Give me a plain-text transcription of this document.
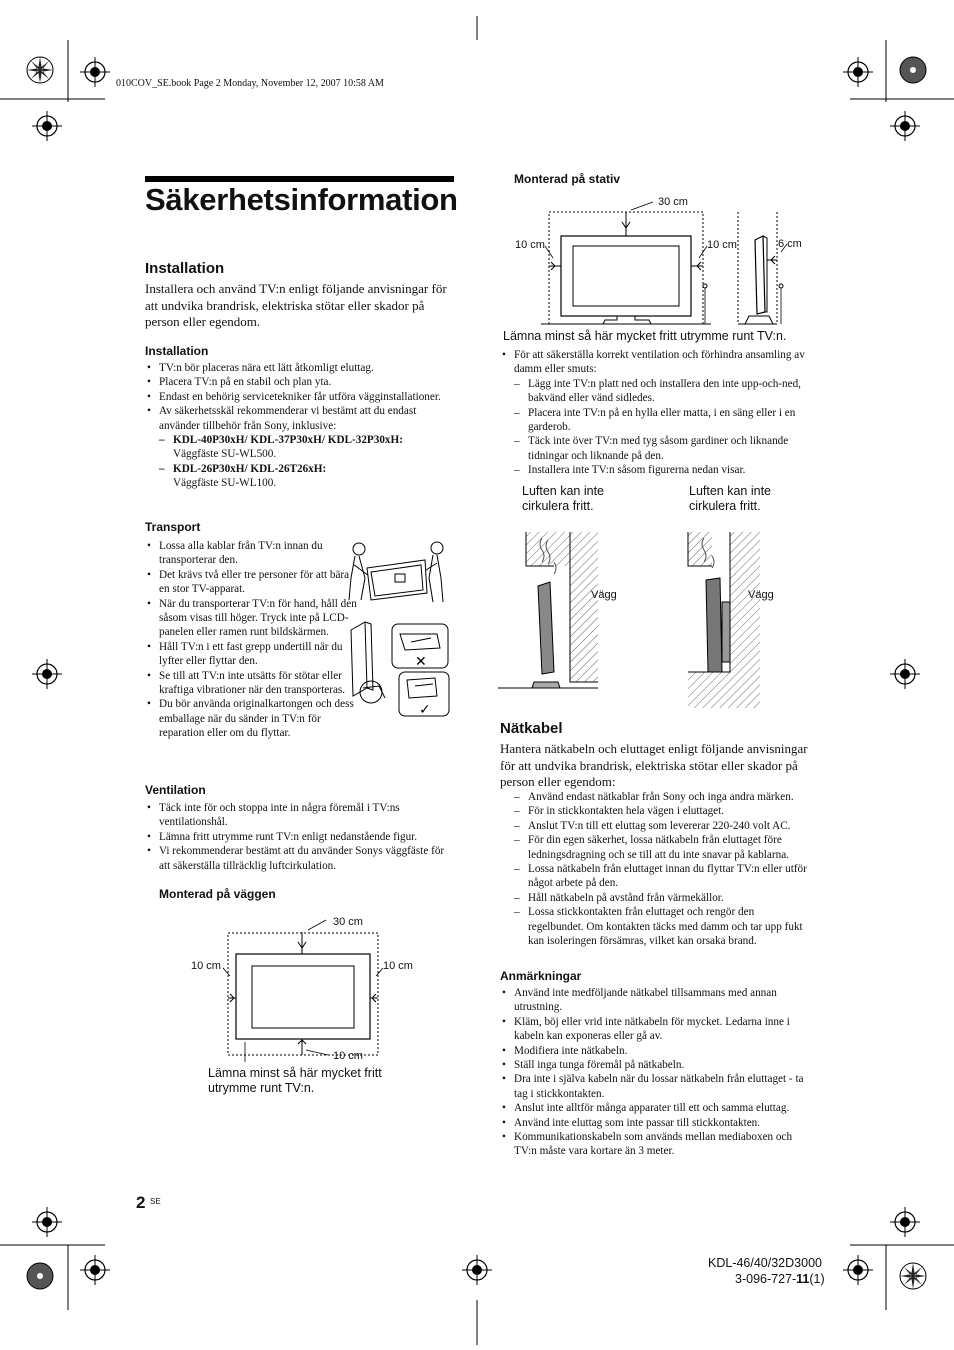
010COV_SE.book Page 2 Monday, November 12, 2007 10:58 AM
Säkerhetsinformation
Installation
Installera och använd TV:n enligt följande anvisningar för att undvika brandrisk, elektriska stötar eller skador på person eller egendom.
Installation
• TV:n bör placeras nära ett lätt åtkomligt eluttag.
• Placera TV:n på en stabil och plan yta.
• Endast en behörig servicetekniker får utföra vägginstallationer.
• Av säkerhetsskäl rekommenderar vi bestämt att du endast använder tillbehör från Sony, inklusive:
– KDL-40P30xH/ KDL-37P30xH/ KDL-32P30xH:
Väggfäste SU-WL500.
– KDL-26P30xH/ KDL-26T26xH:
Väggfäste SU-WL100.
Transport
• Lossa alla kablar från TV:n innan du transporterar den.
• Det krävs två eller tre personer för att bära en stor TV-apparat.
• När du transporterar TV:n för hand, håll den såsom visas till höger. Tryck inte på LCD-panelen eller ramen runt bildskärmen.
• Håll TV:n i ett fast grepp undertill när du lyfter eller flyttar den.
• Se till att TV:n inte utsätts för stötar eller kraftiga vibrationer när den transporteras.
• Du bör använda originalkartongen och dess emballage när du sänder in TV:n för reparation eller om du flyttar.
✕
✓
Ventilation
• Täck inte för och stoppa inte in några föremål i TV:ns ventilationshål.
• Lämna fritt utrymme runt TV:n enligt nedanstående figur.
• Vi rekommenderar bestämt att du använder Sonys väggfäste för att säkerställa tillräcklig luftcirkulation.
Monterad på väggen
30 cm
10 cm	10 cm
10 cm
Lämna minst så här mycket fritt utrymme runt TV:n.
Monterad på stativ
30 cm
10 cm	10 cm	6 cm
Lämna minst så här mycket fritt utrymme runt TV:n.
• För att säkerställa korrekt ventilation och förhindra ansamling av damm eller smuts:
– Lägg inte TV:n platt ned och installera den inte upp-och-ned, bakvänd eller vänd sidledes.
– Placera inte TV:n på en hylla eller matta, i en säng eller i en garderob.
– Täck inte över TV:n med tyg såsom gardiner och liknande tidningar och liknande på den.
– Installera inte TV:n såsom figurerna nedan visar.
Luften kan inte cirkulera fritt.
Luften kan inte cirkulera fritt.
Vägg	Vägg
Nätkabel
Hantera nätkabeln och eluttaget enligt följande anvisningar för att undvika brandrisk, elektriska stötar eller skador på person eller egendom:
– Använd endast nätkablar från Sony och inga andra märken.
– För in stickkontakten hela vägen i eluttaget.
– Anslut TV:n till ett eluttag som levererar 220-240 volt AC.
– För din egen säkerhet, lossa nätkabeln från eluttaget före ledningsdragning och se till att du inte snavar på kablarna.
– Lossa nätkabeln från eluttaget innan du flyttar TV:n eller utför något arbete på den.
– Håll nätkabeln på avstånd från värmekällor.
– Lossa stickkontakten från eluttaget och rengör den regelbundet. Om kontakten täcks med damm och tar upp fukt kan isoleringen försämras, vilket kan orsaka brand.
Anmärkningar
• Använd inte medföljande nätkabel tillsammans med annan utrustning.
• Kläm, böj eller vrid inte nätkabeln för mycket. Ledarna inne i kabeln kan exponeras eller gå av.
• Modifiera inte nätkabeln.
• Ställ inga tunga föremål på nätkabeln.
• Dra inte i själva kabeln när du lossar nätkabeln från eluttaget - ta tag i stickkontakten.
• Anslut inte alltför många apparater till ett och samma eluttag.
• Använd inte eluttag som inte passar till stickkontakten.
• Kommunikationskabeln som används mellan mediaboxen och TV:n måste vara kortare än 3 meter.
2 SE
KDL-46/40/32D3000
3-096-727-11(1)
